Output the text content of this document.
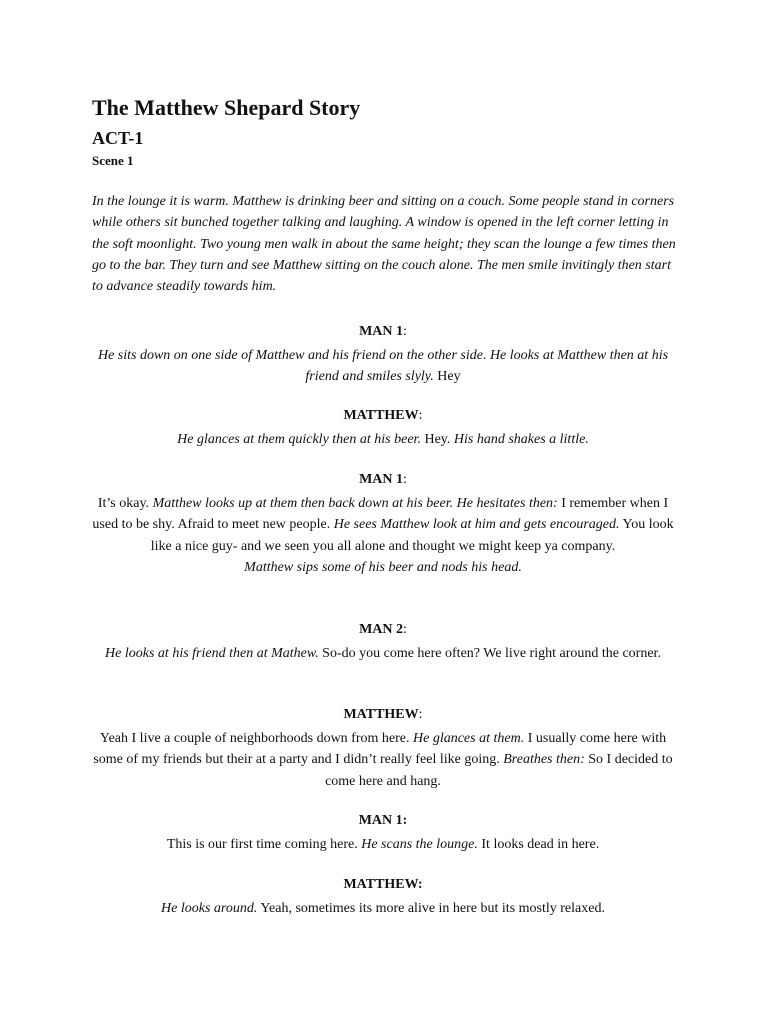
The Matthew Shepard Story
ACT-1
Scene 1

In the lounge it is warm. Matthew is drinking beer and sitting on a couch. Some people stand in corners while others sit bunched together talking and laughing. A window is opened in the left corner letting in the soft moonlight. Two young men walk in about the same height; they scan the lounge a few times then go to the bar. They turn and see Matthew sitting on the couch alone. The men smile invitingly then start to advance steadily towards him.

MAN 1:
He sits down on one side of Matthew and his friend on the other side. He looks at Matthew then at his friend and smiles slyly. Hey
MATTHEW:
He glances at them quickly then at his beer. Hey. His hand shakes a little.
MAN 1:
It’s okay. Matthew looks up at them then back down at his beer. He hesitates then: I remember when I used to be shy. Afraid to meet new people. He sees Matthew look at him and gets encouraged. You look like a nice guy- and we seen you all alone and thought we might keep ya company.
Matthew sips some of his beer and nods his head.
MAN 2:
He looks at his friend then at Mathew. So-do you come here often? We live right around the corner.
MATTHEW:
Yeah I live a couple of neighborhoods down from here. He glances at them. I usually come here with some of my friends but their at a party and I didn’t really feel like going. Breathes then: So I decided to come here and hang.
MAN 1:
This is our first time coming here. He scans the lounge. It looks dead in here.
MATTHEW:
He looks around. Yeah, sometimes its more alive in here but its mostly relaxed.
